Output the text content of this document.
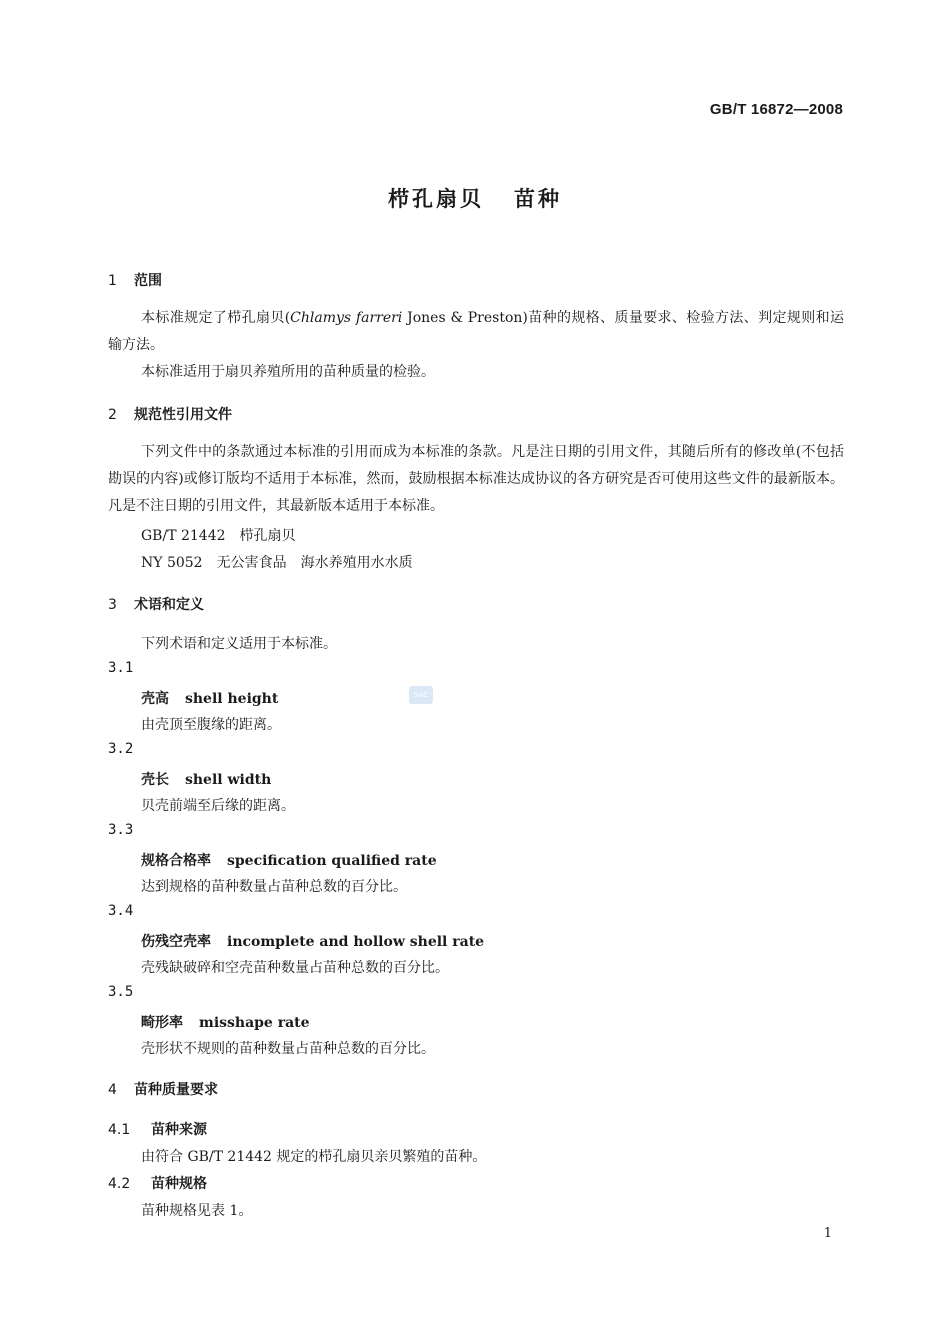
GB/T 16872—2008
栉孔扇贝 苗种
1 范围
本标准规定了栉孔扇贝(Chlamys farreri Jones & Preston)苗种的规格、质量要求、检验方法、判定规则和运输方法。
本标准适用于扇贝养殖所用的苗种质量的检验。
2 规范性引用文件
下列文件中的条款通过本标准的引用而成为本标准的条款。凡是注日期的引用文件，其随后所有的修改单(不包括勘误的内容)或修订版均不适用于本标准，然而，鼓励根据本标准达成协议的各方研究是否可使用这些文件的最新版本。凡是不注日期的引用文件，其最新版本适用于本标准。
GB/T 21442 栉孔扇贝
NY 5052 无公害食品　海水养殖用水水质
3 术语和定义
下列术语和定义适用于本标准。
3.1
壳高 shell height
由壳顶至腹缘的距离。
3.2
壳长 shell width
贝壳前端至后缘的距离。
3.3
规格合格率 specification qualified rate
达到规格的苗种数量占苗种总数的百分比。
3.4
伤残空壳率 incomplete and hollow shell rate
壳残缺破碎和空壳苗种数量占苗种总数的百分比。
3.5
畸形率 misshape rate
壳形状不规则的苗种数量占苗种总数的百分比。
4 苗种质量要求
4.1 苗种来源
由符合 GB/T 21442 规定的栉孔扇贝亲贝繁殖的苗种。
4.2 苗种规格
苗种规格见表 1。
1
SAC
